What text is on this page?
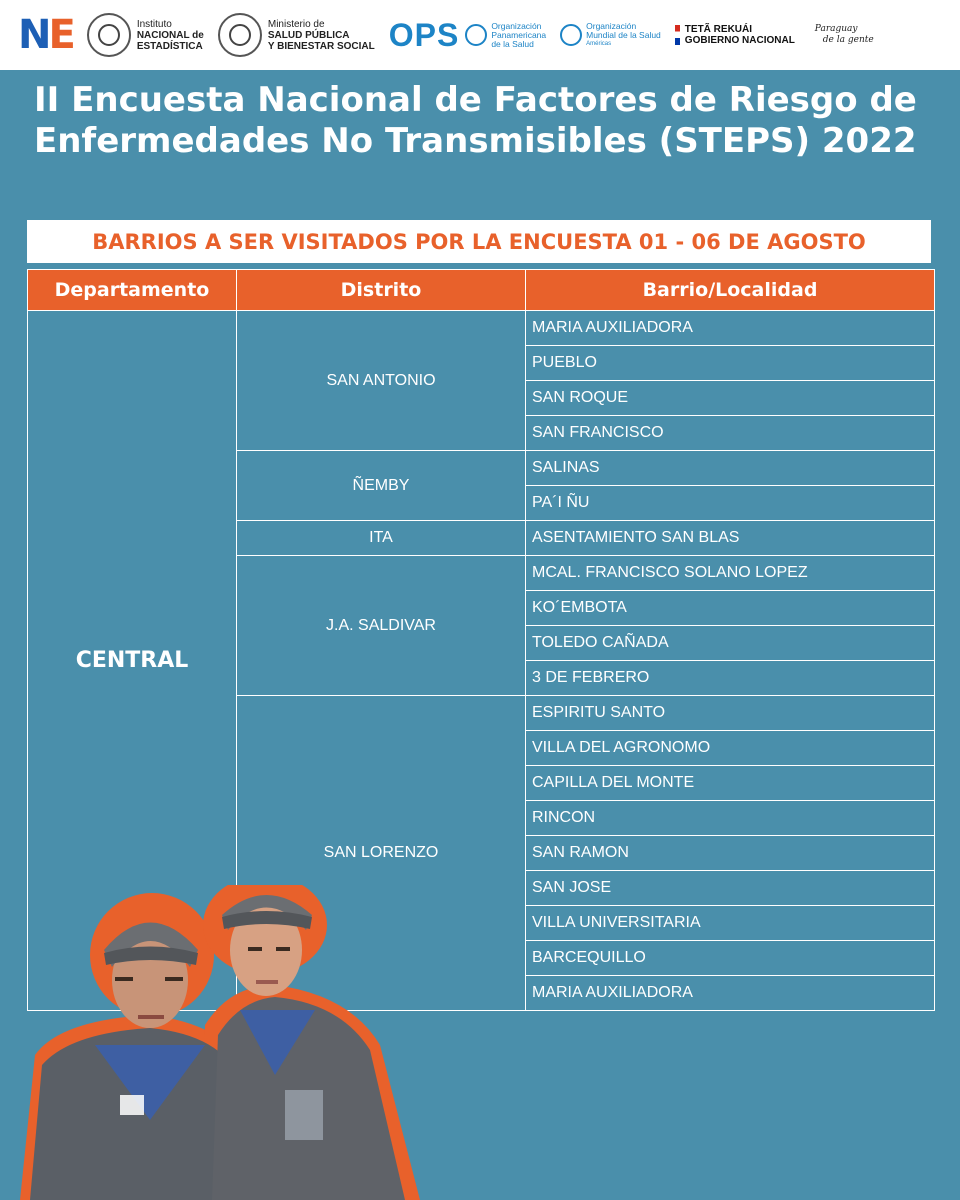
NE	Instituto
NACIONAL de
ESTADÍSTICA
Ministerio de
SALUD PÚBLICA
Y BIENESTAR SOCIAL OPS	Organización
Panamericana
de la Salud
Organización
Mundial de la Salud
Américas
TETÃ REKUÁI
GOBIERNO NACIONAL
Paraguay
de la gente
II Encuesta Nacional de Factores de Riesgo de Enfermedades No Transmisibles (STEPS) 2022
BARRIOS A SER VISITADOS POR LA ENCUESTA 01 - 06 DE AGOSTO
Departamento	Distrito	Barrio/Localidad
CENTRAL	SAN ANTONIO	MARIA AUXILIADORA
		PUEBLO
		SAN ROQUE
		SAN FRANCISCO
	ÑEMBY	SALINAS
		PA´I ÑU
	ITA	ASENTAMIENTO SAN BLAS
	J.A. SALDIVAR	MCAL. FRANCISCO SOLANO LOPEZ
		KO´EMBOTA
		TOLEDO CAÑADA
		3 DE FEBRERO
	SAN LORENZO	ESPIRITU SANTO
		VILLA DEL AGRONOMO
		CAPILLA DEL MONTE
		RINCON
		SAN RAMON
		SAN JOSE
		VILLA UNIVERSITARIA
		BARCEQUILLO
		MARIA AUXILIADORA
